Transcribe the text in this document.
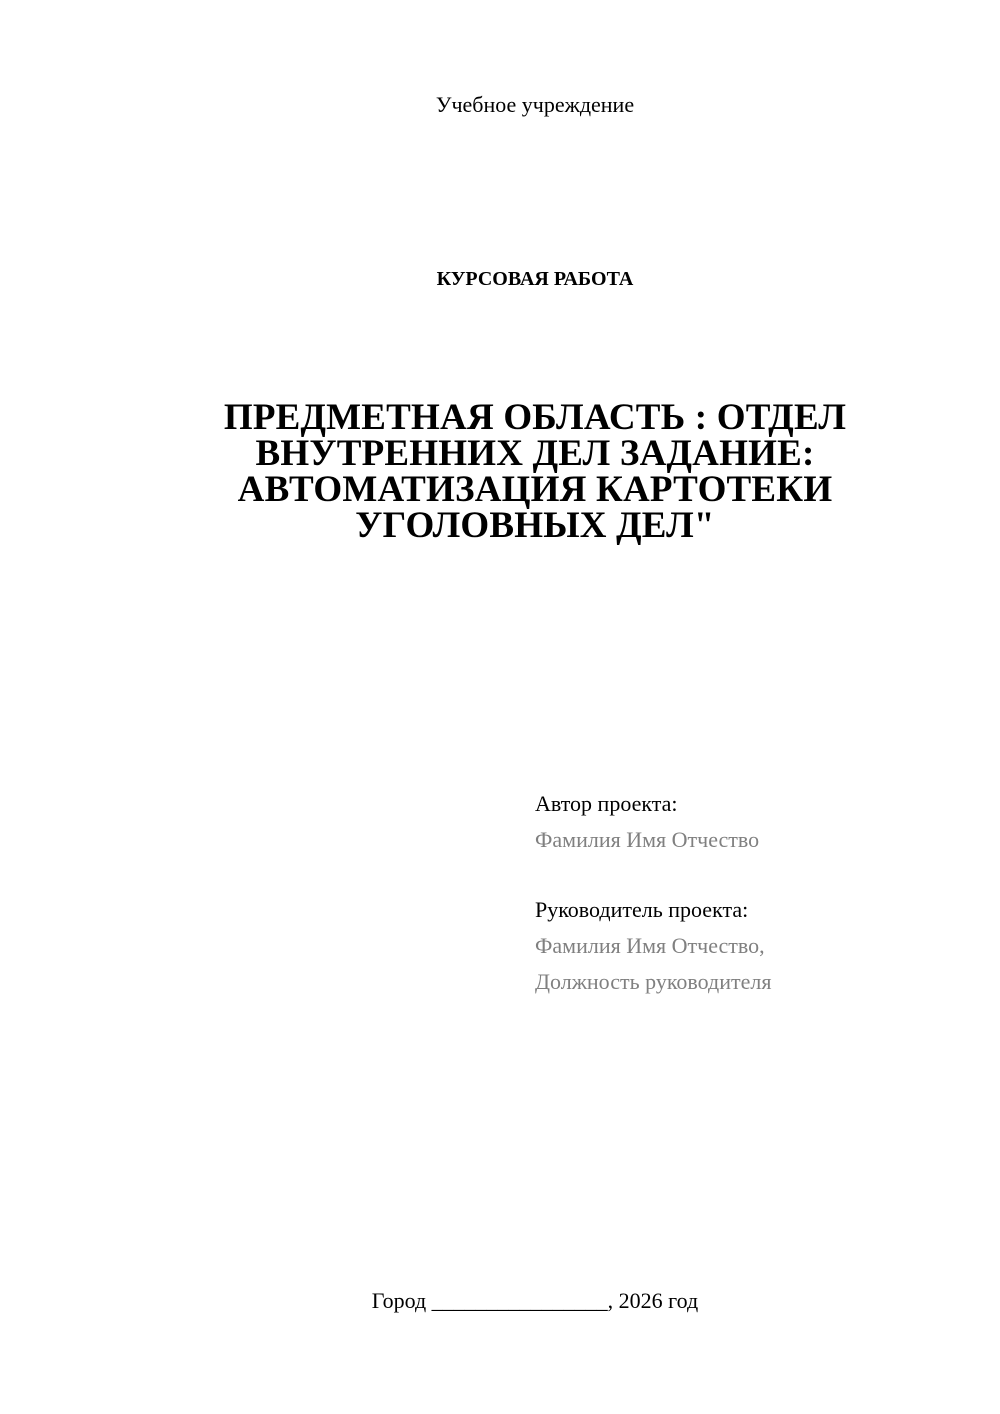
Учебное учреждение
КУРСОВАЯ РАБОТА
ПРЕДМЕТНАЯ ОБЛАСТЬ : ОТДЕЛ
ВНУТРЕННИХ ДЕЛ ЗАДАНИЕ:
АВТОМАТИЗАЦИЯ КАРТОТЕКИ
УГОЛОВНЫХ ДЕЛ"
Автор проекта:
Фамилия Имя Отчество
Руководитель проекта:
Фамилия Имя Отчество,
Должность руководителя
Город ________________, 2026 год
